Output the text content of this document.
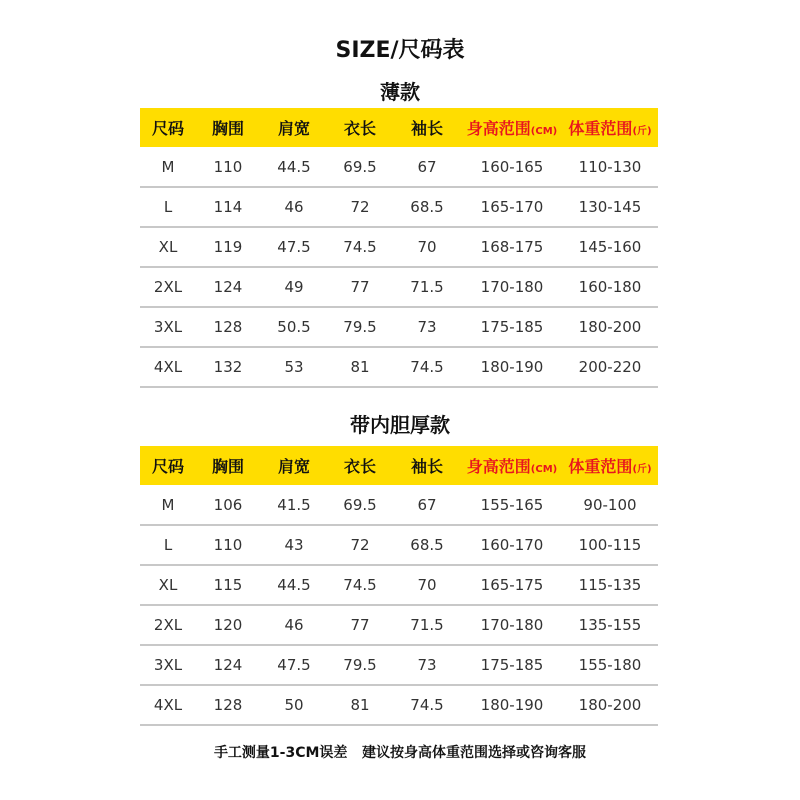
SIZE/尺码表
薄款
尺码	胸围	肩宽	衣长	袖长	身高范围(CM) 体重范围(斤)
M	110	44.5	69.5	67	160-165	110-130
L	114	46	72	68.5	165-170	130-145
XL	119	47.5	74.5	70	168-175	145-160
2XL	124	49	77	71.5	170-180	160-180
3XL	128	50.5	79.5	73	175-185	180-200
4XL	132	53	81	74.5	180-190	200-220
带内胆厚款
尺码	胸围	肩宽	衣长	袖长	身高范围(CM) 体重范围(斤)
M	106	41.5	69.5	67	155-165	90-100
L	110	43	72	68.5	160-170	100-115
XL	115	44.5	74.5	70	165-175	115-135
2XL	120	46	77	71.5	170-180	135-155
3XL	124	47.5	79.5	73	175-185	155-180
4XL	128	50	81	74.5	180-190	180-200
手工测量1-3CM误差   建议按身高体重范围选择或咨询客服
